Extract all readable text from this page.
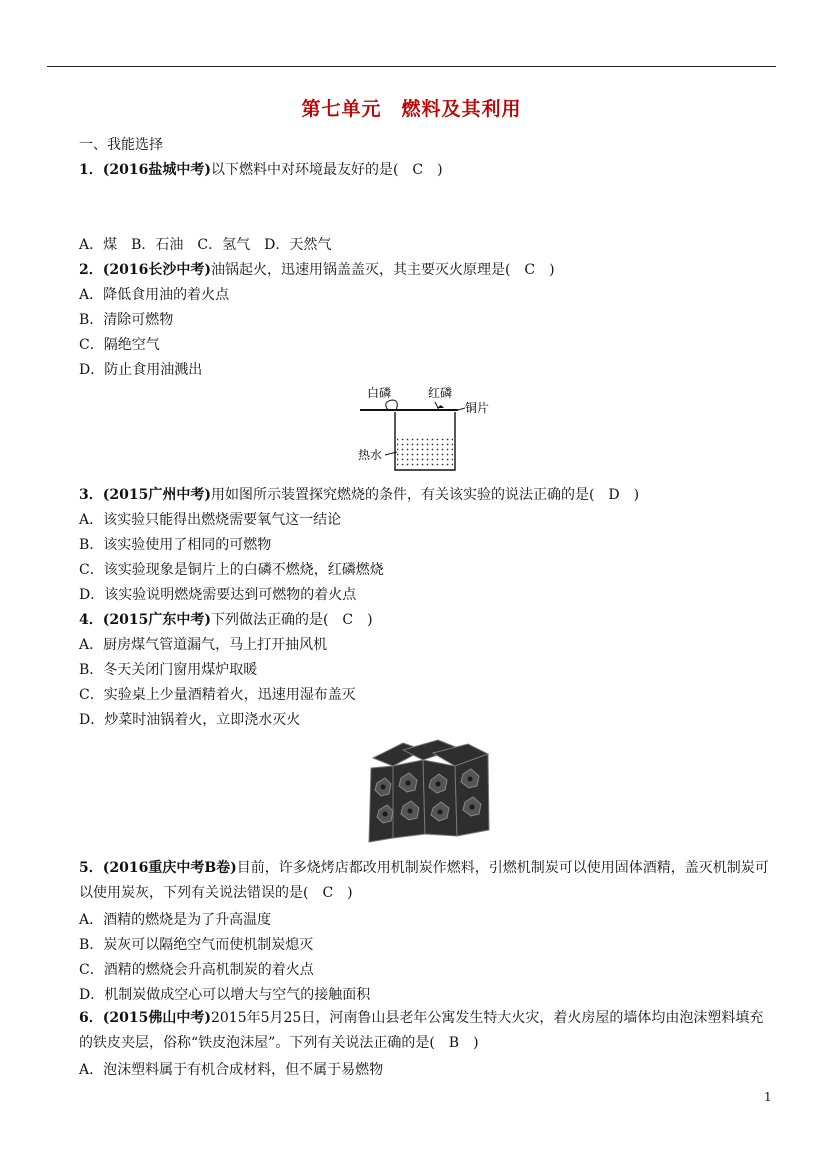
第七单元　燃料及其利用
一、我能选择
1．(2016盐城中考)以下燃料中对环境最友好的是(　C　)
A．煤　B．石油　C．氢气　D．天然气
2．(2016长沙中考)油锅起火，迅速用锅盖盖灭，其主要灭火原理是(　C　)
A．降低食用油的着火点
B．清除可燃物
C．隔绝空气
D．防止食用油溅出
白磷	红磷
铜片
热水
3．(2015广州中考)用如图所示装置探究燃烧的条件，有关该实验的说法正确的是(　D　)
A．该实验只能得出燃烧需要氧气这一结论
B．该实验使用了相同的可燃物
C．该实验现象是铜片上的白磷不燃烧，红磷燃烧
D．该实验说明燃烧需要达到可燃物的着火点
4．(2015广东中考)下列做法正确的是(　C　)
A．厨房煤气管道漏气，马上打开抽风机
B．冬天关闭门窗用煤炉取暖
C．实验桌上少量酒精着火，迅速用湿布盖灭
D．炒菜时油锅着火，立即浇水灭火
5．(2016重庆中考B卷)目前，许多烧烤店都改用机制炭作燃料，引燃机制炭可以使用固体酒精，盖灭机制炭可以使用炭灰，下列有关说法错误的是(　C　)
A．酒精的燃烧是为了升高温度
B．炭灰可以隔绝空气而使机制炭熄灭
C．酒精的燃烧会升高机制炭的着火点
D．机制炭做成空心可以增大与空气的接触面积
6．(2015佛山中考)2015年5月25日，河南鲁山县老年公寓发生特大火灾，着火房屋的墙体均由泡沫塑料填充的铁皮夹层，俗称“铁皮泡沫屋”。下列有关说法正确的是(　B　)
A．泡沫塑料属于有机合成材料，但不属于易燃物
1
